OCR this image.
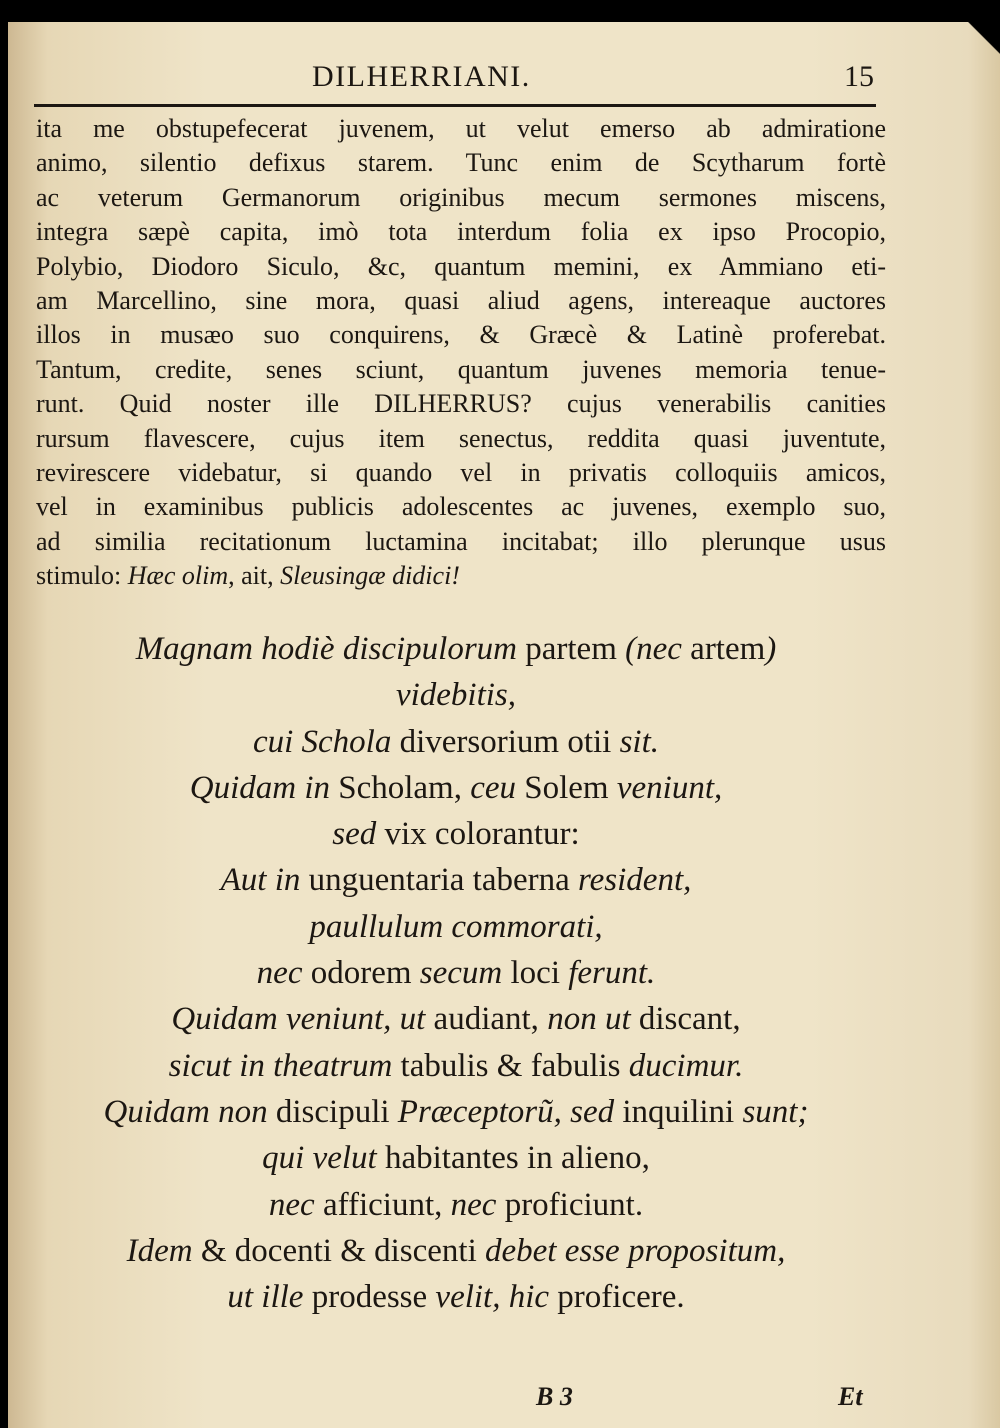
DILHERRIANI.	15
ita me obstupefecerat juvenem, ut velut emerso ab admiratione
animo, silentio defixus starem. Tunc enim de Scytharum fortè
ac veterum Germanorum originibus mecum sermones miscens,
integra sæpè capita, imò tota interdum folia ex ipso Procopio,
Polybio, Diodoro Siculo, &c, quantum memini, ex Ammiano eti-
am Marcellino, sine mora, quasi aliud agens, intereaque auctores
illos in musæo suo conquirens, & Græcè & Latinè proferebat.
Tantum, credite, senes sciunt, quantum juvenes memoria tenue-
runt. Quid noster ille DILHERRUS? cujus venerabilis canities
rursum flavescere, cujus item senectus, reddita quasi juventute,
revirescere videbatur, si quando vel in privatis colloquiis amicos,
vel in examinibus publicis adolescentes ac juvenes, exemplo suo,
ad similia recitationum luctamina incitabat; illo plerunque usus
stimulo: Hæc olim, ait, Sleusingæ didici!
Magnam hodiè discipulorum partem (nec artem)
videbitis,
cui Schola diversorium otii sit.
Quidam in Scholam, ceu Solem veniunt,
sed vix colorantur:
Aut in unguentaria taberna resident,
paullulum commorati,
nec odorem secum loci ferunt.
Quidam veniunt, ut audiant, non ut discant,
sicut in theatrum tabulis & fabulis ducimur.
Quidam non discipuli Præceptorũ, sed inquilini sunt;
qui velut habitantes in alieno,
nec afficiunt, nec proficiunt.
Idem & docenti & discenti debet esse propositum,
ut ille prodesse velit, hic proficere.
B 3	Et
